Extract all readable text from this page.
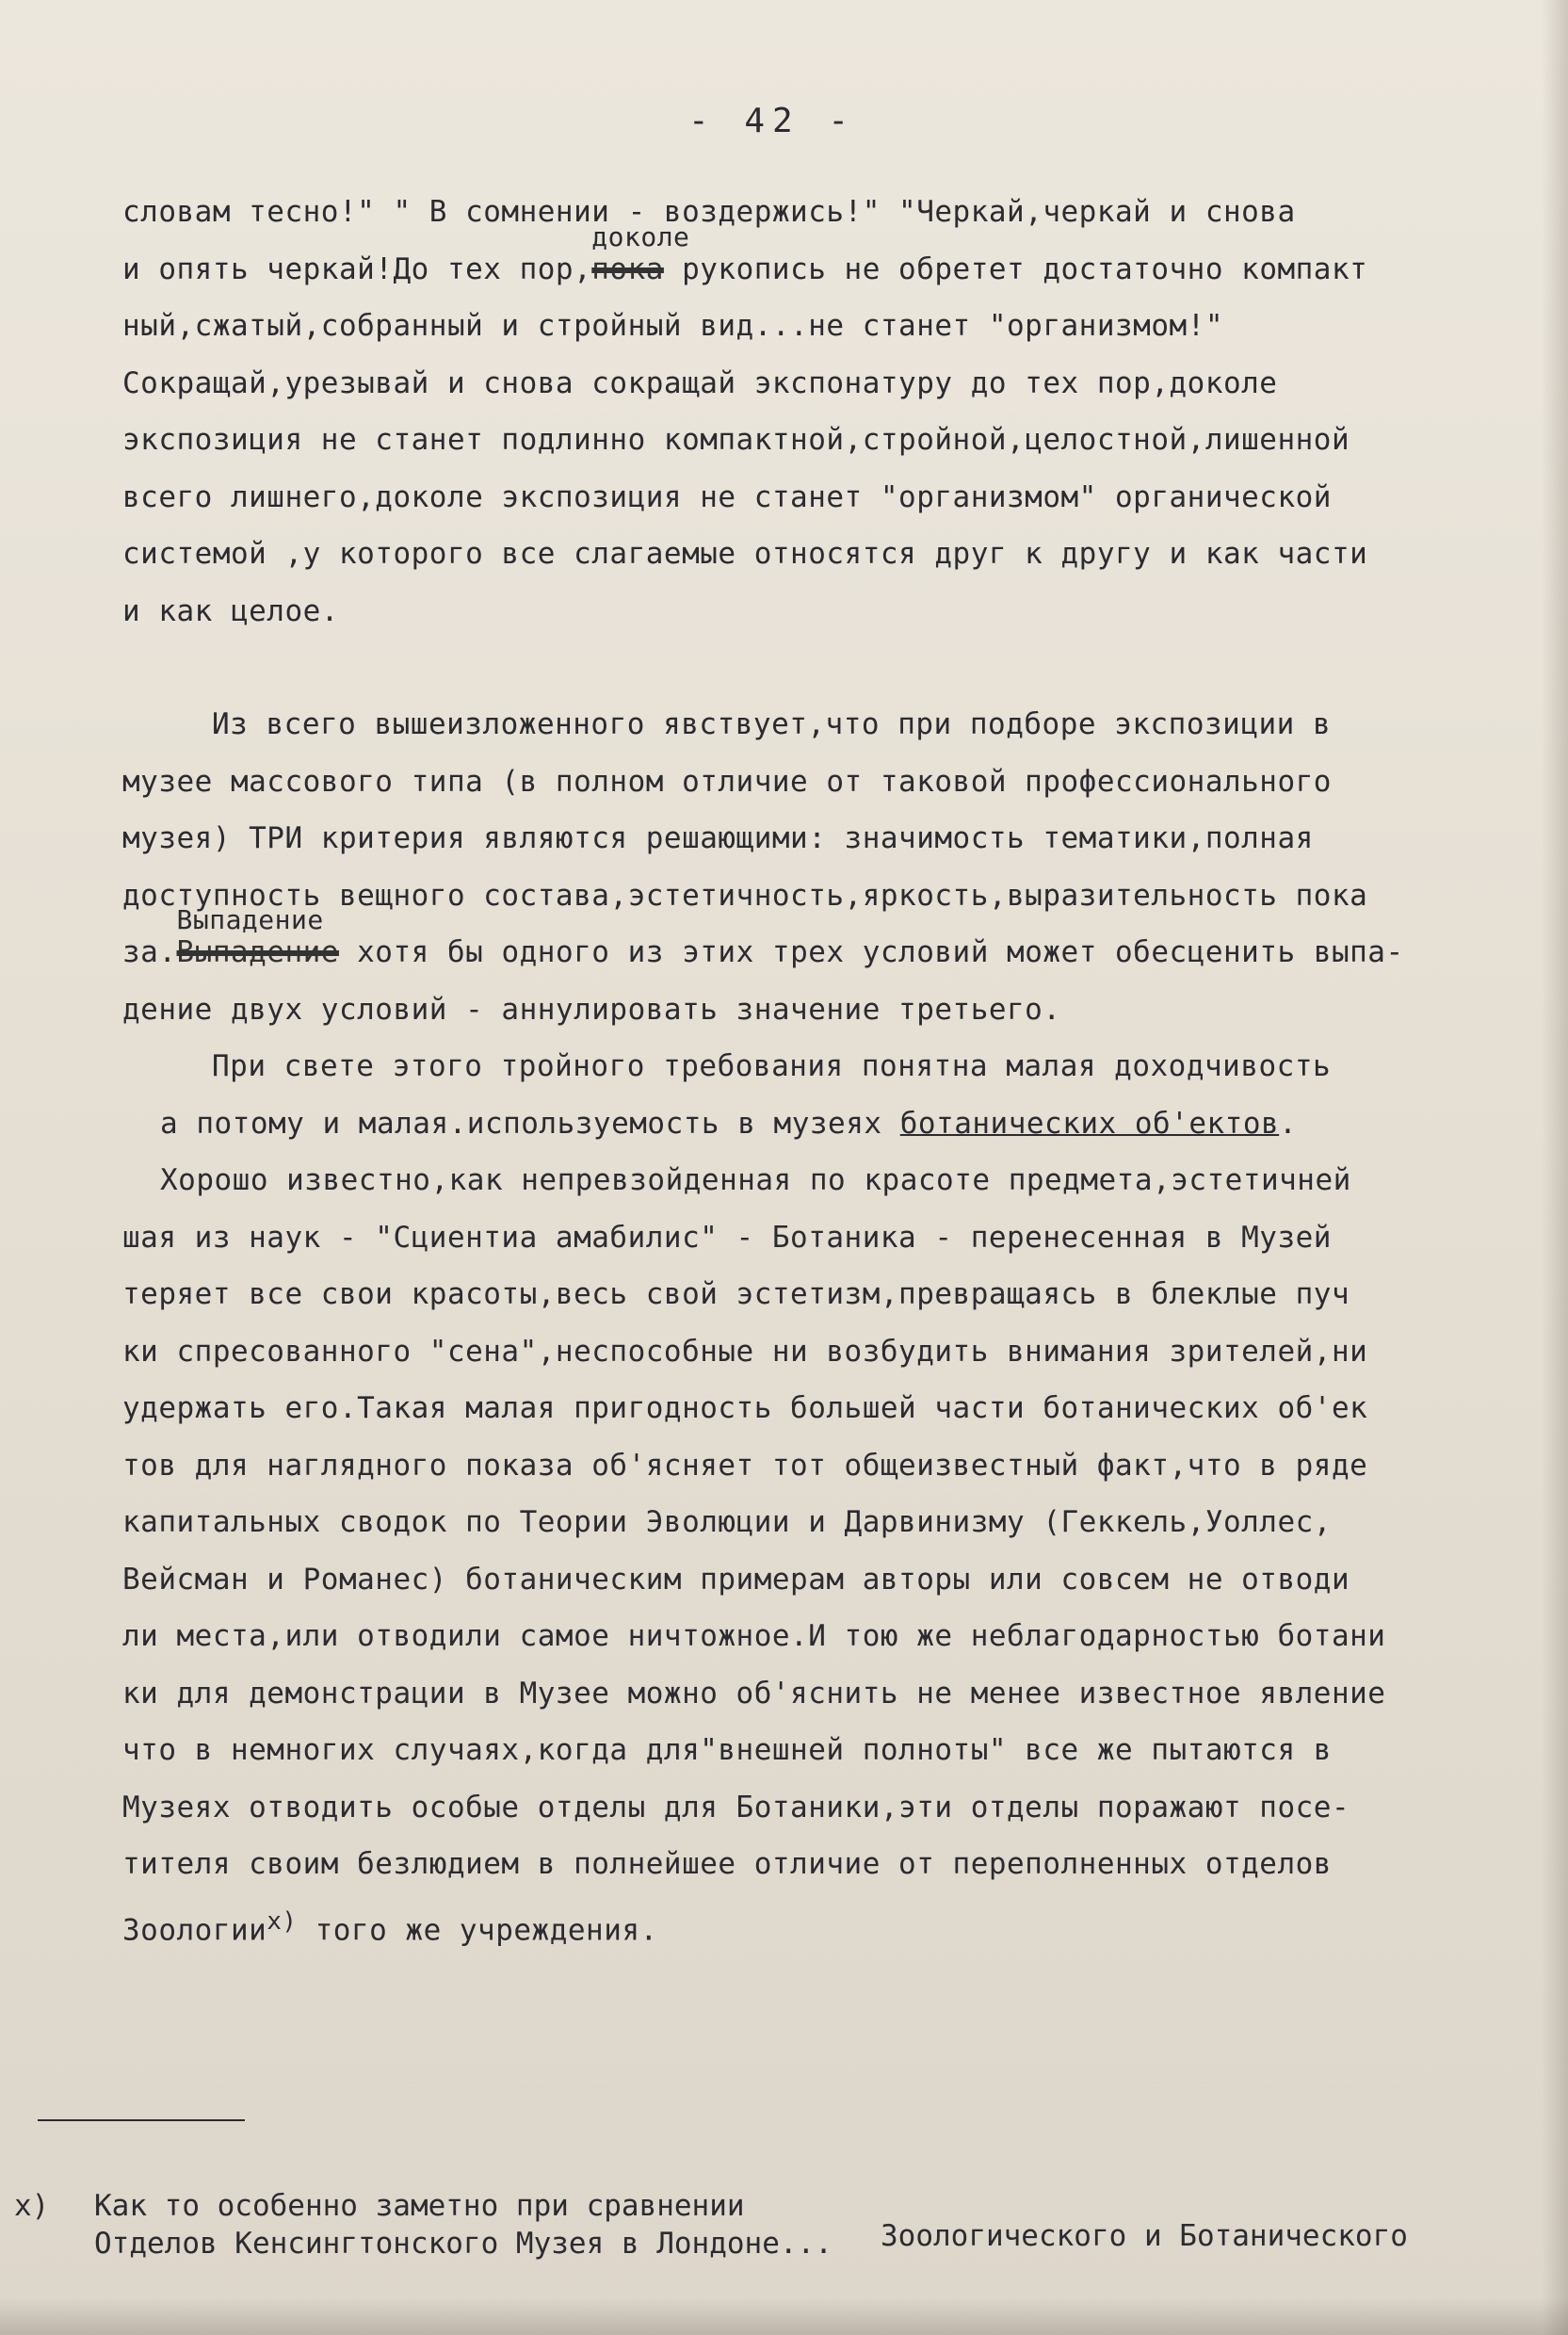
- 42 -
словам тесно!" " В сомнении - воздержись!" "Черкай,черкай и снова
и опять черкай!До тех пор,
доколе
пока рукопись не обретет достаточно компакт
ный,сжатый,собранный и стройный вид...не станет "организмом!"
Сокращай,урезывай и снова сокращай экспонатуру до тех пор,доколе
экспозиция не станет подлинно компактной,стройной,целостной,лишенной
всего лишнего,доколе экспозиция не станет "организмом" органической
системой ,у которого все слагаемые относятся друг к другу и как части
и как целое.
Из всего вышеизложенного явствует,что при подборе экспозиции в
музее массового типа (в полном отличие от таковой профессионального
музея) ТРИ критерия являются решающими: значимость тематики,полная
доступность вещного состава,эстетичность,яркость,выразительность пока
за.
Выпадение
Выпадение хотя бы одного из этих трех условий может обесценить выпа-
дение двух условий - аннулировать значение третьего.
При свете этого тройного требования понятна малая доходчивость
а потому и малая.используемость в музеях ботанических об'ектов.
Хорошо известно,как непревзойденная по красоте предмета,эстетичней
шая из наук - "Сциентиа амабилис" - Ботаника - перенесенная в Музей
теряет все свои красоты,весь свой эстетизм,превращаясь в блеклые пуч
ки спресованного "сена",неспособные ни возбудить внимания зрителей,ни
удержать его.Такая малая пригодность большей части ботанических об'ек
тов для наглядного показа об'ясняет тот общеизвестный факт,что в ряде
капитальных сводок по Теории Эволюции и Дарвинизму (Геккель,Уоллес,
Вейсман и Романес) ботаническим примерам авторы или совсем не отводи
ли места,или отводили самое ничтожное.И тою же неблагодарностью ботани
ки для демонстрации в Музее можно об'яснить не менее известное явление
что в немногих случаях,когда для"внешней полноты" все же пытаются в
Музеях отводить особые отделы для Ботаники,эти отделы поражают посе-
тителя своим безлюдием в полнейшее отличие от переполненных отделов
Зоологии$^{x)}$ того же учреждения.
x) Как то особенно заметно при сравнении
Отделов Кенсингтонского Музея в Лондоне... Зоологического и Ботанического
